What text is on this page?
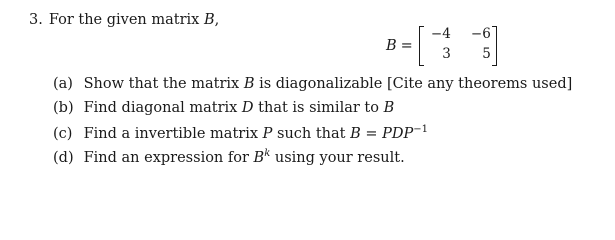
3. For the given matrix B,
B =
−4	−6
3	5
(a) Show that the matrix B is diagonalizable [Cite any theorems used]
(b) Find diagonal matrix D that is similar to B
(c) Find a invertible matrix P such that $B = PDP^{-1}$
(d) Find an expression for $B^k$ using your result.
